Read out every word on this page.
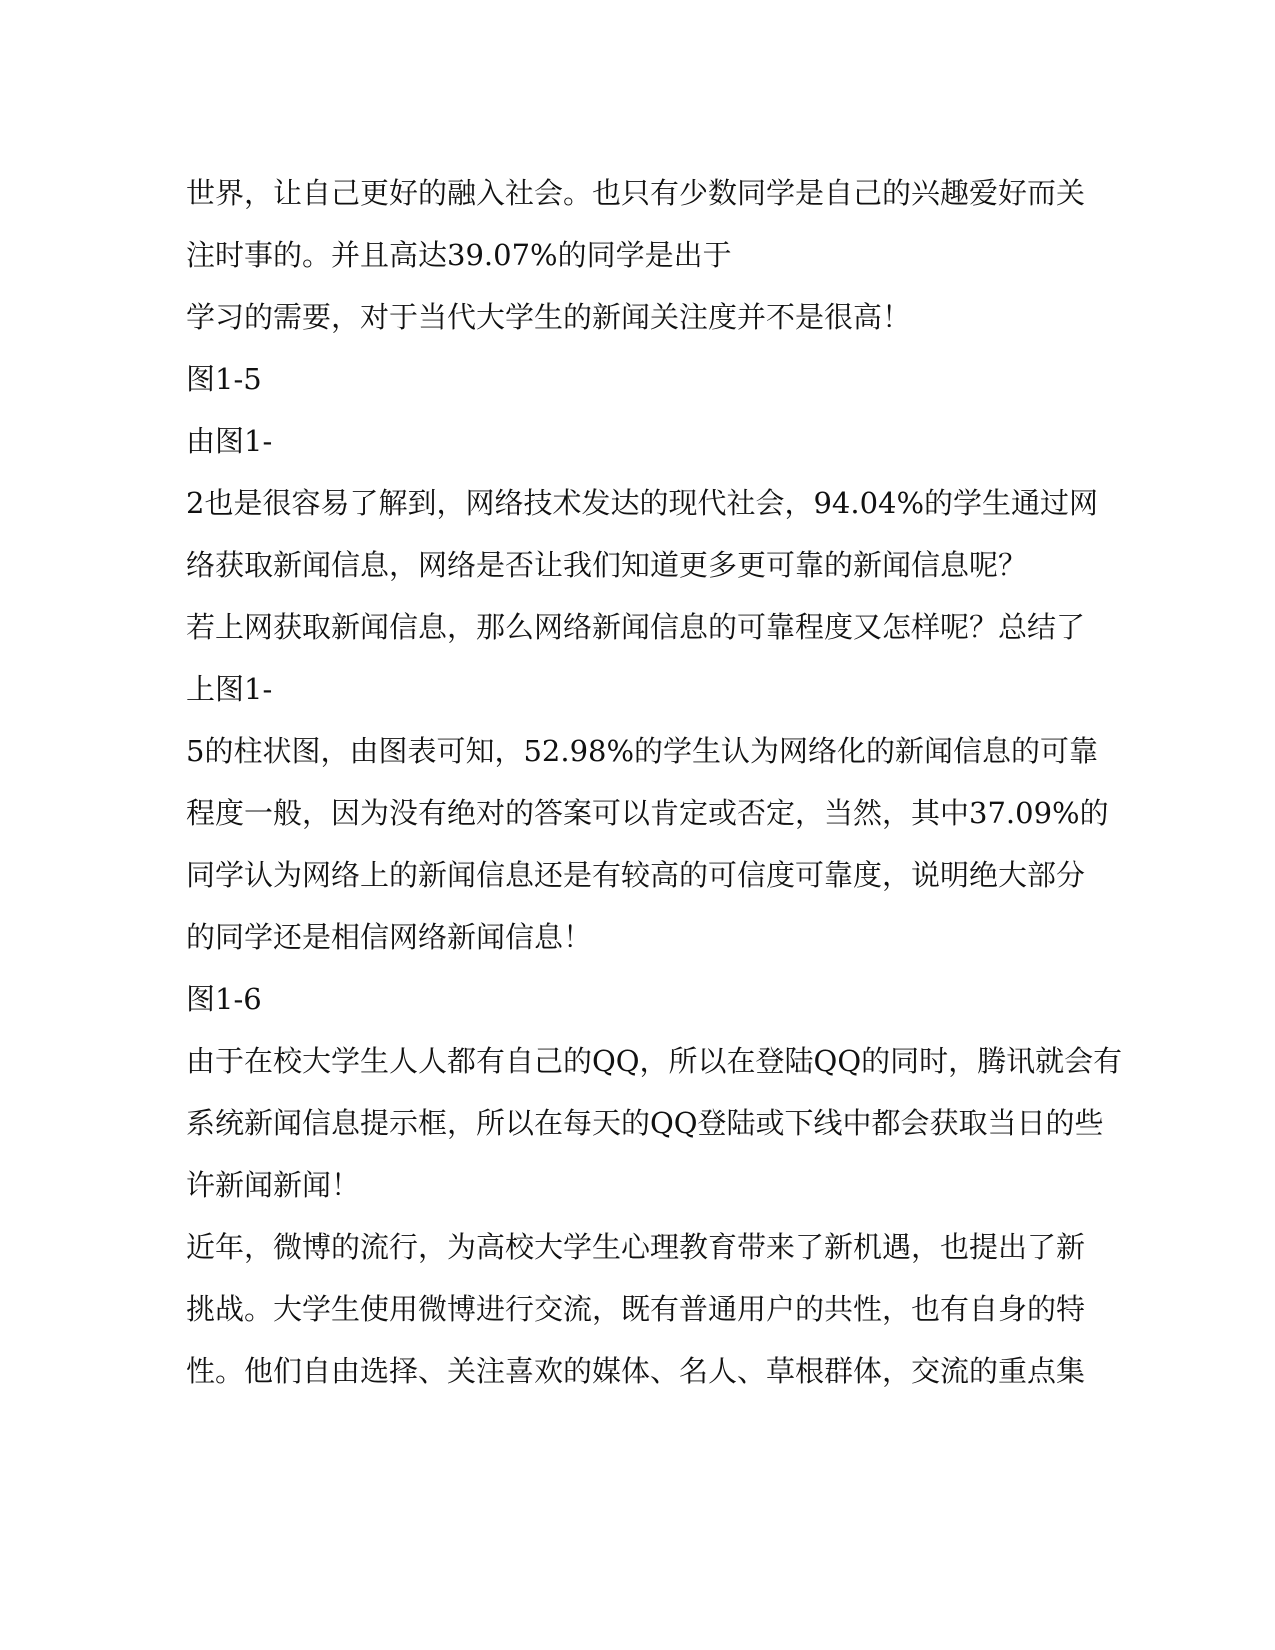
世界，让自己更好的融入社会。也只有少数同学是自己的兴趣爱好而关
注时事的。并且高达39.07%的同学是出于
学习的需要，对于当代大学生的新闻关注度并不是很高！
图1-5
由图1-
2也是很容易了解到，网络技术发达的现代社会，94.04%的学生通过网
络获取新闻信息，网络是否让我们知道更多更可靠的新闻信息呢？
若上网获取新闻信息，那么网络新闻信息的可靠程度又怎样呢？总结了
上图1-
5的柱状图，由图表可知，52.98%的学生认为网络化的新闻信息的可靠
程度一般，因为没有绝对的答案可以肯定或否定，当然，其中37.09%的
同学认为网络上的新闻信息还是有较高的可信度可靠度，说明绝大部分
的同学还是相信网络新闻信息！
图1-6
由于在校大学生人人都有自己的QQ，所以在登陆QQ的同时，腾讯就会有
系统新闻信息提示框，所以在每天的QQ登陆或下线中都会获取当日的些
许新闻新闻！
近年，微博的流行，为高校大学生心理教育带来了新机遇，也提出了新
挑战。大学生使用微博进行交流，既有普通用户的共性，也有自身的特
性。他们自由选择、关注喜欢的媒体、名人、草根群体，交流的重点集
